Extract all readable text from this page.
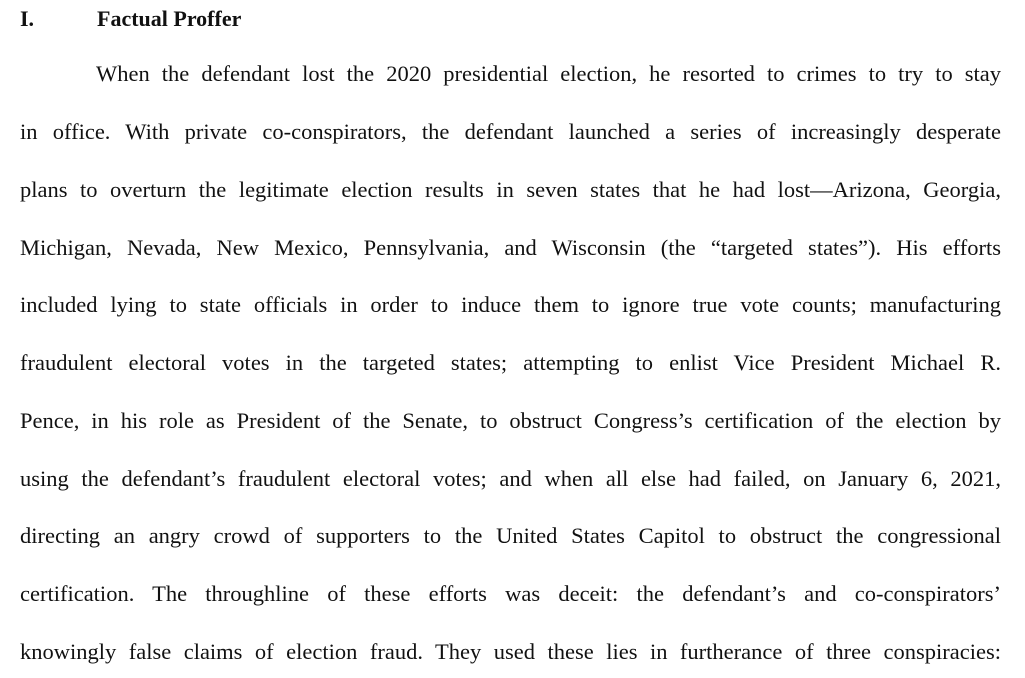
I.	Factual Proffer
When the defendant lost the 2020 presidential election, he resorted to crimes to try to stay
in office. With private co-conspirators, the defendant launched a series of increasingly desperate
plans to overturn the legitimate election results in seven states that he had lost—Arizona, Georgia,
Michigan, Nevada, New Mexico, Pennsylvania, and Wisconsin (the “targeted states”). His efforts
included lying to state officials in order to induce them to ignore true vote counts; manufacturing
fraudulent electoral votes in the targeted states; attempting to enlist Vice President Michael R.
Pence, in his role as President of the Senate, to obstruct Congress’s certification of the election by
using the defendant’s fraudulent electoral votes; and when all else had failed, on January 6, 2021,
directing an angry crowd of supporters to the United States Capitol to obstruct the congressional
certification. The throughline of these efforts was deceit: the defendant’s and co-conspirators’
knowingly false claims of election fraud. They used these lies in furtherance of three conspiracies:
